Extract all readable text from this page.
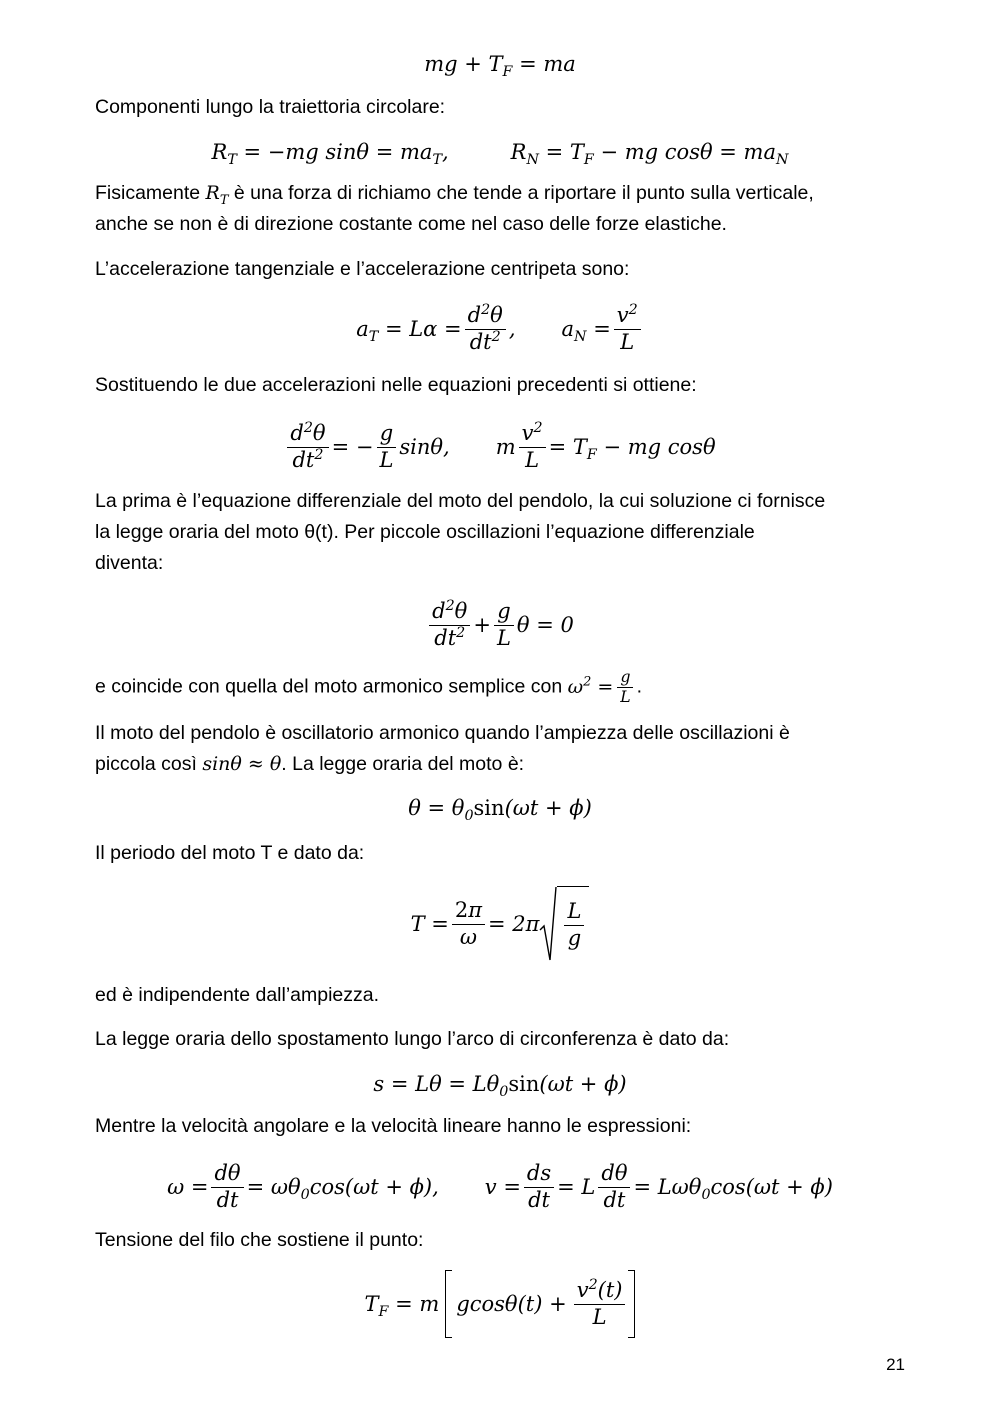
mg + $T_F$ = ma

Componenti lungo la traiettoria circolare:

$R_T = -mg$ $\sin\theta = ma_T$,	$R_N = T_F$ − mg $\cos\theta = ma_N$

Fisicamente $R_T$ è una forza di richiamo che tende a riportare il punto sulla verticale,
anche se non è di direzione costante come nel caso delle forze elastiche.

L’accelerazione tangenziale e l’accelerazione centripeta sono:

$a_T = L\alpha = \frac{d^2\theta}{dt^2}$ , $a_N = \frac{v^2}{L}$

Sostituendo le due accelerazioni nelle equazioni precedenti si ottiene:

$\frac{d^2\theta}{dt^2}$ = − $\frac{g}{L} \sin\theta$, m $\frac{v^2}{L} = T_F$ − mg cosθ

La prima è l’equazione differenziale del moto del pendolo, la cui soluzione ci fornisce
la legge oraria del moto θ(t). Per piccole oscillazioni l’equazione differenziale
diventa:

$d^2\theta$
$dt^2 + \frac{g}{L}$ θ = 0

e coincide con quella del moto armonico semplice con $\omega^2 = \frac{g}{L}$ .

Il moto del pendolo è oscillatorio armonico quando l’ampiezza delle oscillazioni è
piccola così sinθ ≈ θ. La legge oraria del moto è:

$\theta = \theta_0\sin(\omega t + \phi)$

Il periodo del moto T e dato da:

$T = \frac{2\pi}{\omega} = 2\pi$
L
g

ed è indipendente dall’ampiezza.

La legge oraria dello spostamento lungo l’arco di circonferenza è dato da:

$s = L\theta = L\theta_0\sin(\omega t + \phi)$

Mentre la velocità angolare e la velocità lineare hanno le espressioni:

$\omega = \frac{d\theta}{dt} = \omega\theta_0\cos(\omega t + \phi)$, $v = \frac{ds}{dt} = L \frac{d\theta}{dt} = L\omega\theta_0\cos(\omega t + \phi)$

Tensione del filo che sostiene il punto:

$T_F = m$ $gcos\theta(t) + \frac{v^2(t)}{L}$
21
